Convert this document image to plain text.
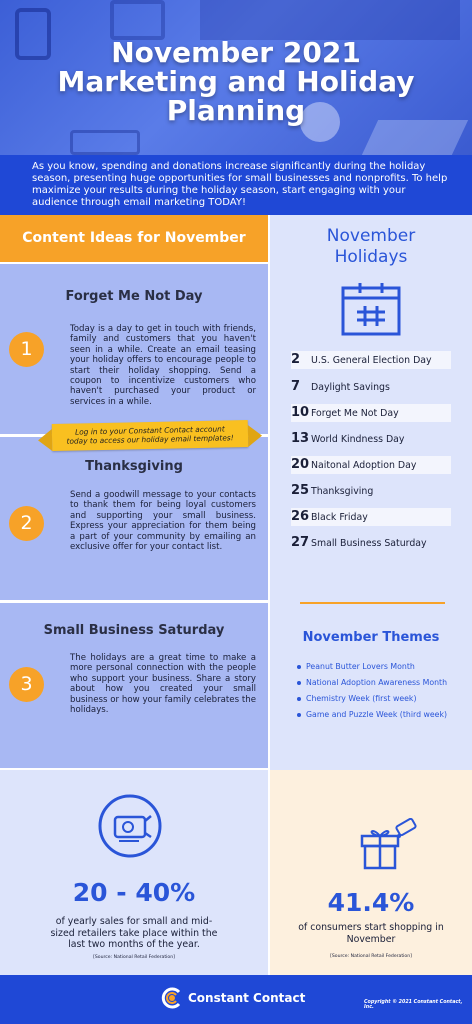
November 2021
Marketing and Holiday
Planning
As you know, spending and donations increase significantly during the holiday season, presenting huge opportunities for small businesses and nonprofits. To help maximize your results during the holiday season, start engaging with your audience through email marketing TODAY!
Content Ideas for November
Forget Me Not Day
1

Today is a day to get in touch with friends, family and customers that you haven't seen in a while. Create an email teasing your holiday offers to encourage people to start their holiday shopping. Send a coupon to incentivize customers who haven't purchased your product or services in a while.

Thanksgiving
2

Send a goodwill message to your contacts to thank them for being loyal customers and supporting your small business. Express your appreciation for them being a part of your community by emailing an exclusive offer for your contact list.

Log in to your Constant Contact account
today to access our holiday email templates!
Small Business Saturday
3

The holidays are a great time to make a more personal connection with the people who support your business. Share a story about how you created your small business or how your family celebrates the holidays.

November
Holidays
2 U.S. General Election Day
7 Daylight Savings
10 Forget Me Not Day
13 World Kindness Day
20 Naitonal Adoption Day
25 Thanksgiving
26 Black Friday
27 Small Business Saturday
November Themes
Peanut Butter Lovers Month
National Adoption Awareness Month
Chemistry Week (first week)
Game and Puzzle Week (third week)
20 - 40%
of yearly sales for small and mid-sized retailers take place within the last two months of the year.
[Source: National Retail Federation]
41.4%
of consumers start shopping in November
[Source: National Retail Federation]
Constant Contact	Copyright © 2021 Constant Contact, Inc.
